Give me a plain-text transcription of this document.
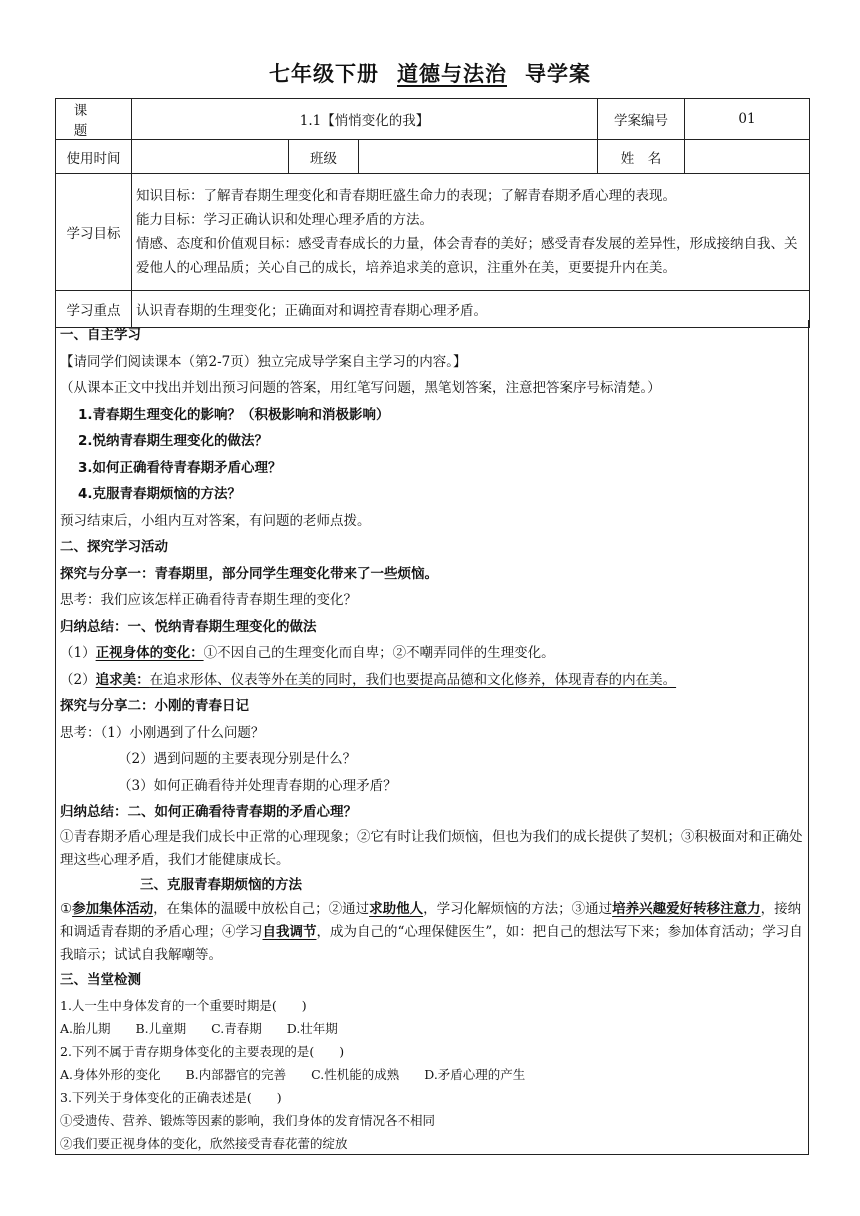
七年级下册 道德与法治 导学案
课　题	1.1【悄悄变化的我】			学案编号	01
使用时间		班级		姓　名	
学习目标	知识目标：了解青春期生理变化和青春期旺盛生命力的表现；了解青春期矛盾心理的表现。
能力目标：学习正确认识和处理心理矛盾的方法。
情感、态度和价值观目标：感受青春成长的力量，体会青春的美好；感受青春发展的差异性，形成接纳自我、关爱他人的心理品质；关心自己的成长，培养追求美的意识，注重外在美，更要提升内在美。				

学习重点	认识青春期的生理变化；正确面对和调控青春期心理矛盾。				
一、自主学习
【请同学们阅读课本（第2-7页）独立完成导学案自主学习的内容。】
（从课本正文中找出并划出预习问题的答案，用红笔写问题，黑笔划答案，注意把答案序号标清楚。）
1.青春期生理变化的影响？（积极影响和消极影响）
2.悦纳青春期生理变化的做法？
3.如何正确看待青春期矛盾心理？
4.克服青春期烦恼的方法？
预习结束后，小组内互对答案，有问题的老师点拨。
二、探究学习活动
探究与分享一：青春期里，部分同学生理变化带来了一些烦恼。
思考：我们应该怎样正确看待青春期生理的变化？
归纳总结：一、悦纳青春期生理变化的做法
（1）正视身体的变化：①不因自己的生理变化而自卑；②不嘲弄同伴的生理变化。
（2）追求美：在追求形体、仪表等外在美的同时，我们也要提高品德和文化修养，体现青春的内在美。
探究与分享二：小刚的青春日记
思考：（1）小刚遇到了什么问题？
（2）遇到问题的主要表现分别是什么？
（3）如何正确看待并处理青春期的心理矛盾？
归纳总结：二、如何正确看待青春期的矛盾心理？
①青春期矛盾心理是我们成长中正常的心理现象；②它有时让我们烦恼，但也为我们的成长提供了契机；③积极面对和正确处理这些心理矛盾，我们才能健康成长。
三、克服青春期烦恼的方法
①参加集体活动，在集体的温暖中放松自己；②通过求助他人，学习化解烦恼的方法；③通过培养兴趣爱好转移注意力，接纳和调适青春期的矛盾心理；④学习自我调节，成为自己的“心理保健医生”，如：把自己的想法写下来；参加体育活动；学习自我暗示；试试自我解嘲等。
三、当堂检测
1.人一生中身体发育的一个重要时期是(　　)
A.胎儿期　　B.儿童期　　C.青春期　　D.壮年期
2.下列不属于青存期身体变化的主要表现的是(　　)
A.身体外形的变化　　B.内部器官的完善　　C.性机能的成熟　　D.矛盾心理的产生
3.下列关于身体变化的正确表述是(　　)
①受遗传、营养、锻炼等因素的影响，我们身体的发育情况各不相同
②我们要正视身体的变化，欣然接受青春花蕾的绽放
